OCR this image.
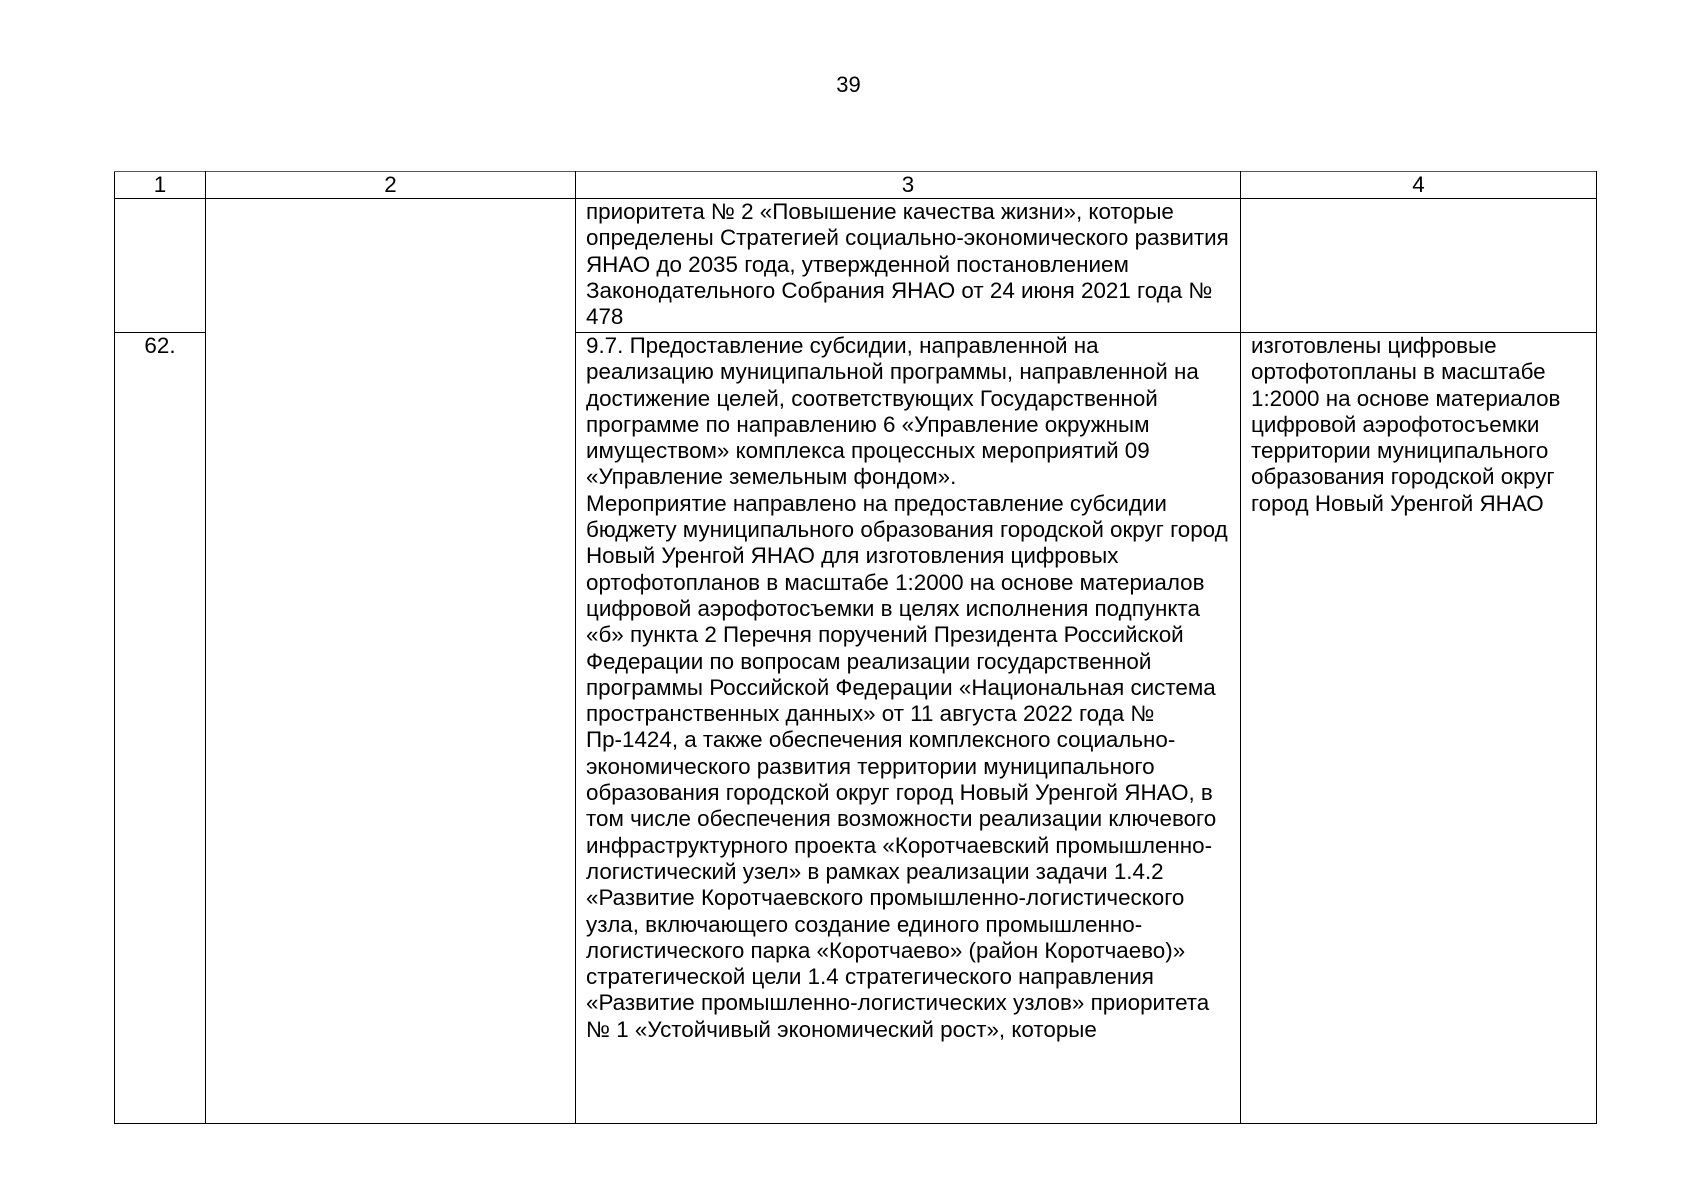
39
1	2	3	4

		приоритета № 2 «Повышение качества жизни», которые определены Стратегией социально-экономического развития ЯНАО до 2035 года, утвержденной постановлением Законодательного Собрания ЯНАО от 24 июня 2021 года № 478	

62.		9.7. Предоставление субсидии, направленной на реализацию муниципальной программы, направленной на достижение целей, соответствующих Государственной программе по направлению 6 «Управление окружным имуществом» комплекса процессных мероприятий 09 «Управление земельным фондом».
Мероприятие направлено на предоставление субсидии бюджету муниципального образования городской округ город Новый Уренгой ЯНАО для изготовления цифровых ортофотопланов в масштабе 1:2000 на основе материалов цифровой аэрофотосъемки в целях исполнения подпункта «б» пункта 2 Перечня поручений Президента Российской Федерации по вопросам реализации государственной программы Российской Федерации «Национальная система пространственных данных» от 11 августа 2022 года № Пр-1424, а также обеспечения комплексного социально-экономического развития территории муниципального образования городской округ город Новый Уренгой ЯНАО, в том числе обеспечения возможности реализации ключевого инфраструктурного проекта «Коротчаевский промышленно-логистический узел» в рамках реализации задачи 1.4.2 «Развитие Коротчаевского промышленно-логистического узла, включающего создание единого промышленно-логистического парка «Коротчаево» (район Коротчаево)» стратегической цели 1.4 стратегического направления «Развитие промышленно-логистических узлов» приоритета № 1 «Устойчивый экономический рост», которые	изготовлены цифровые ортофотопланы в масштабе 1:2000 на основе материалов цифровой аэрофотосъемки территории муниципального образования городской округ город Новый Уренгой ЯНАО
